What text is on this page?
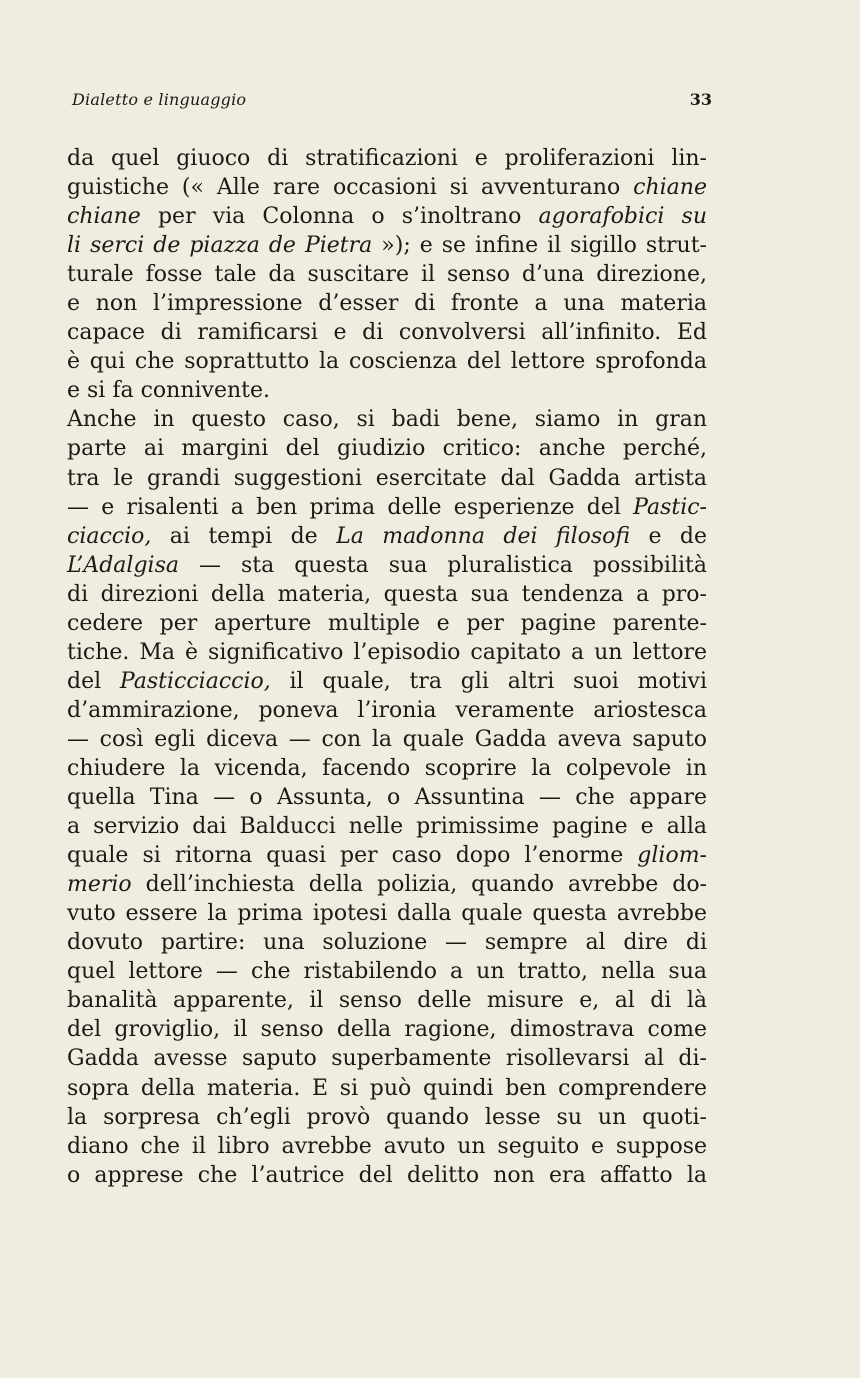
Dialetto e linguaggio	33
da quel giuoco di stratificazioni e proliferazioni lin-
guistiche (« Alle rare occasioni si avventurano chiane
chiane per via Colonna o s’inoltrano agorafobici su
li serci de piazza de Pietra »); e se infine il sigillo strut-
turale fosse tale da suscitare il senso d’una direzione,
e non l’impressione d’esser di fronte a una materia
capace di ramificarsi e di convolversi all’infinito. Ed
è qui che soprattutto la coscienza del lettore sprofonda
e si fa connivente.
Anche in questo caso, si badi bene, siamo in gran
parte ai margini del giudizio critico: anche perché,
tra le grandi suggestioni esercitate dal Gadda artista
— e risalenti a ben prima delle esperienze del Pastic-
ciaccio, ai tempi de La madonna dei filosofi e de
L’Adalgisa — sta questa sua pluralistica possibilità
di direzioni della materia, questa sua tendenza a pro-
cedere per aperture multiple e per pagine parente-
tiche. Ma è significativo l’episodio capitato a un lettore
del Pasticciaccio, il quale, tra gli altri suoi motivi
d’ammirazione, poneva l’ironia veramente ariostesca
— così egli diceva — con la quale Gadda aveva saputo
chiudere la vicenda, facendo scoprire la colpevole in
quella Tina — o Assunta, o Assuntina — che appare
a servizio dai Balducci nelle primissime pagine e alla
quale si ritorna quasi per caso dopo l’enorme gliom-
merio dell’inchiesta della polizia, quando avrebbe do-
vuto essere la prima ipotesi dalla quale questa avrebbe
dovuto partire: una soluzione — sempre al dire di
quel lettore — che ristabilendo a un tratto, nella sua
banalità apparente, il senso delle misure e, al di là
del groviglio, il senso della ragione, dimostrava come
Gadda avesse saputo superbamente risollevarsi al di-
sopra della materia. E si può quindi ben comprendere
la sorpresa ch’egli provò quando lesse su un quoti-
diano che il libro avrebbe avuto un seguito e suppose
o apprese che l’autrice del delitto non era affatto la
